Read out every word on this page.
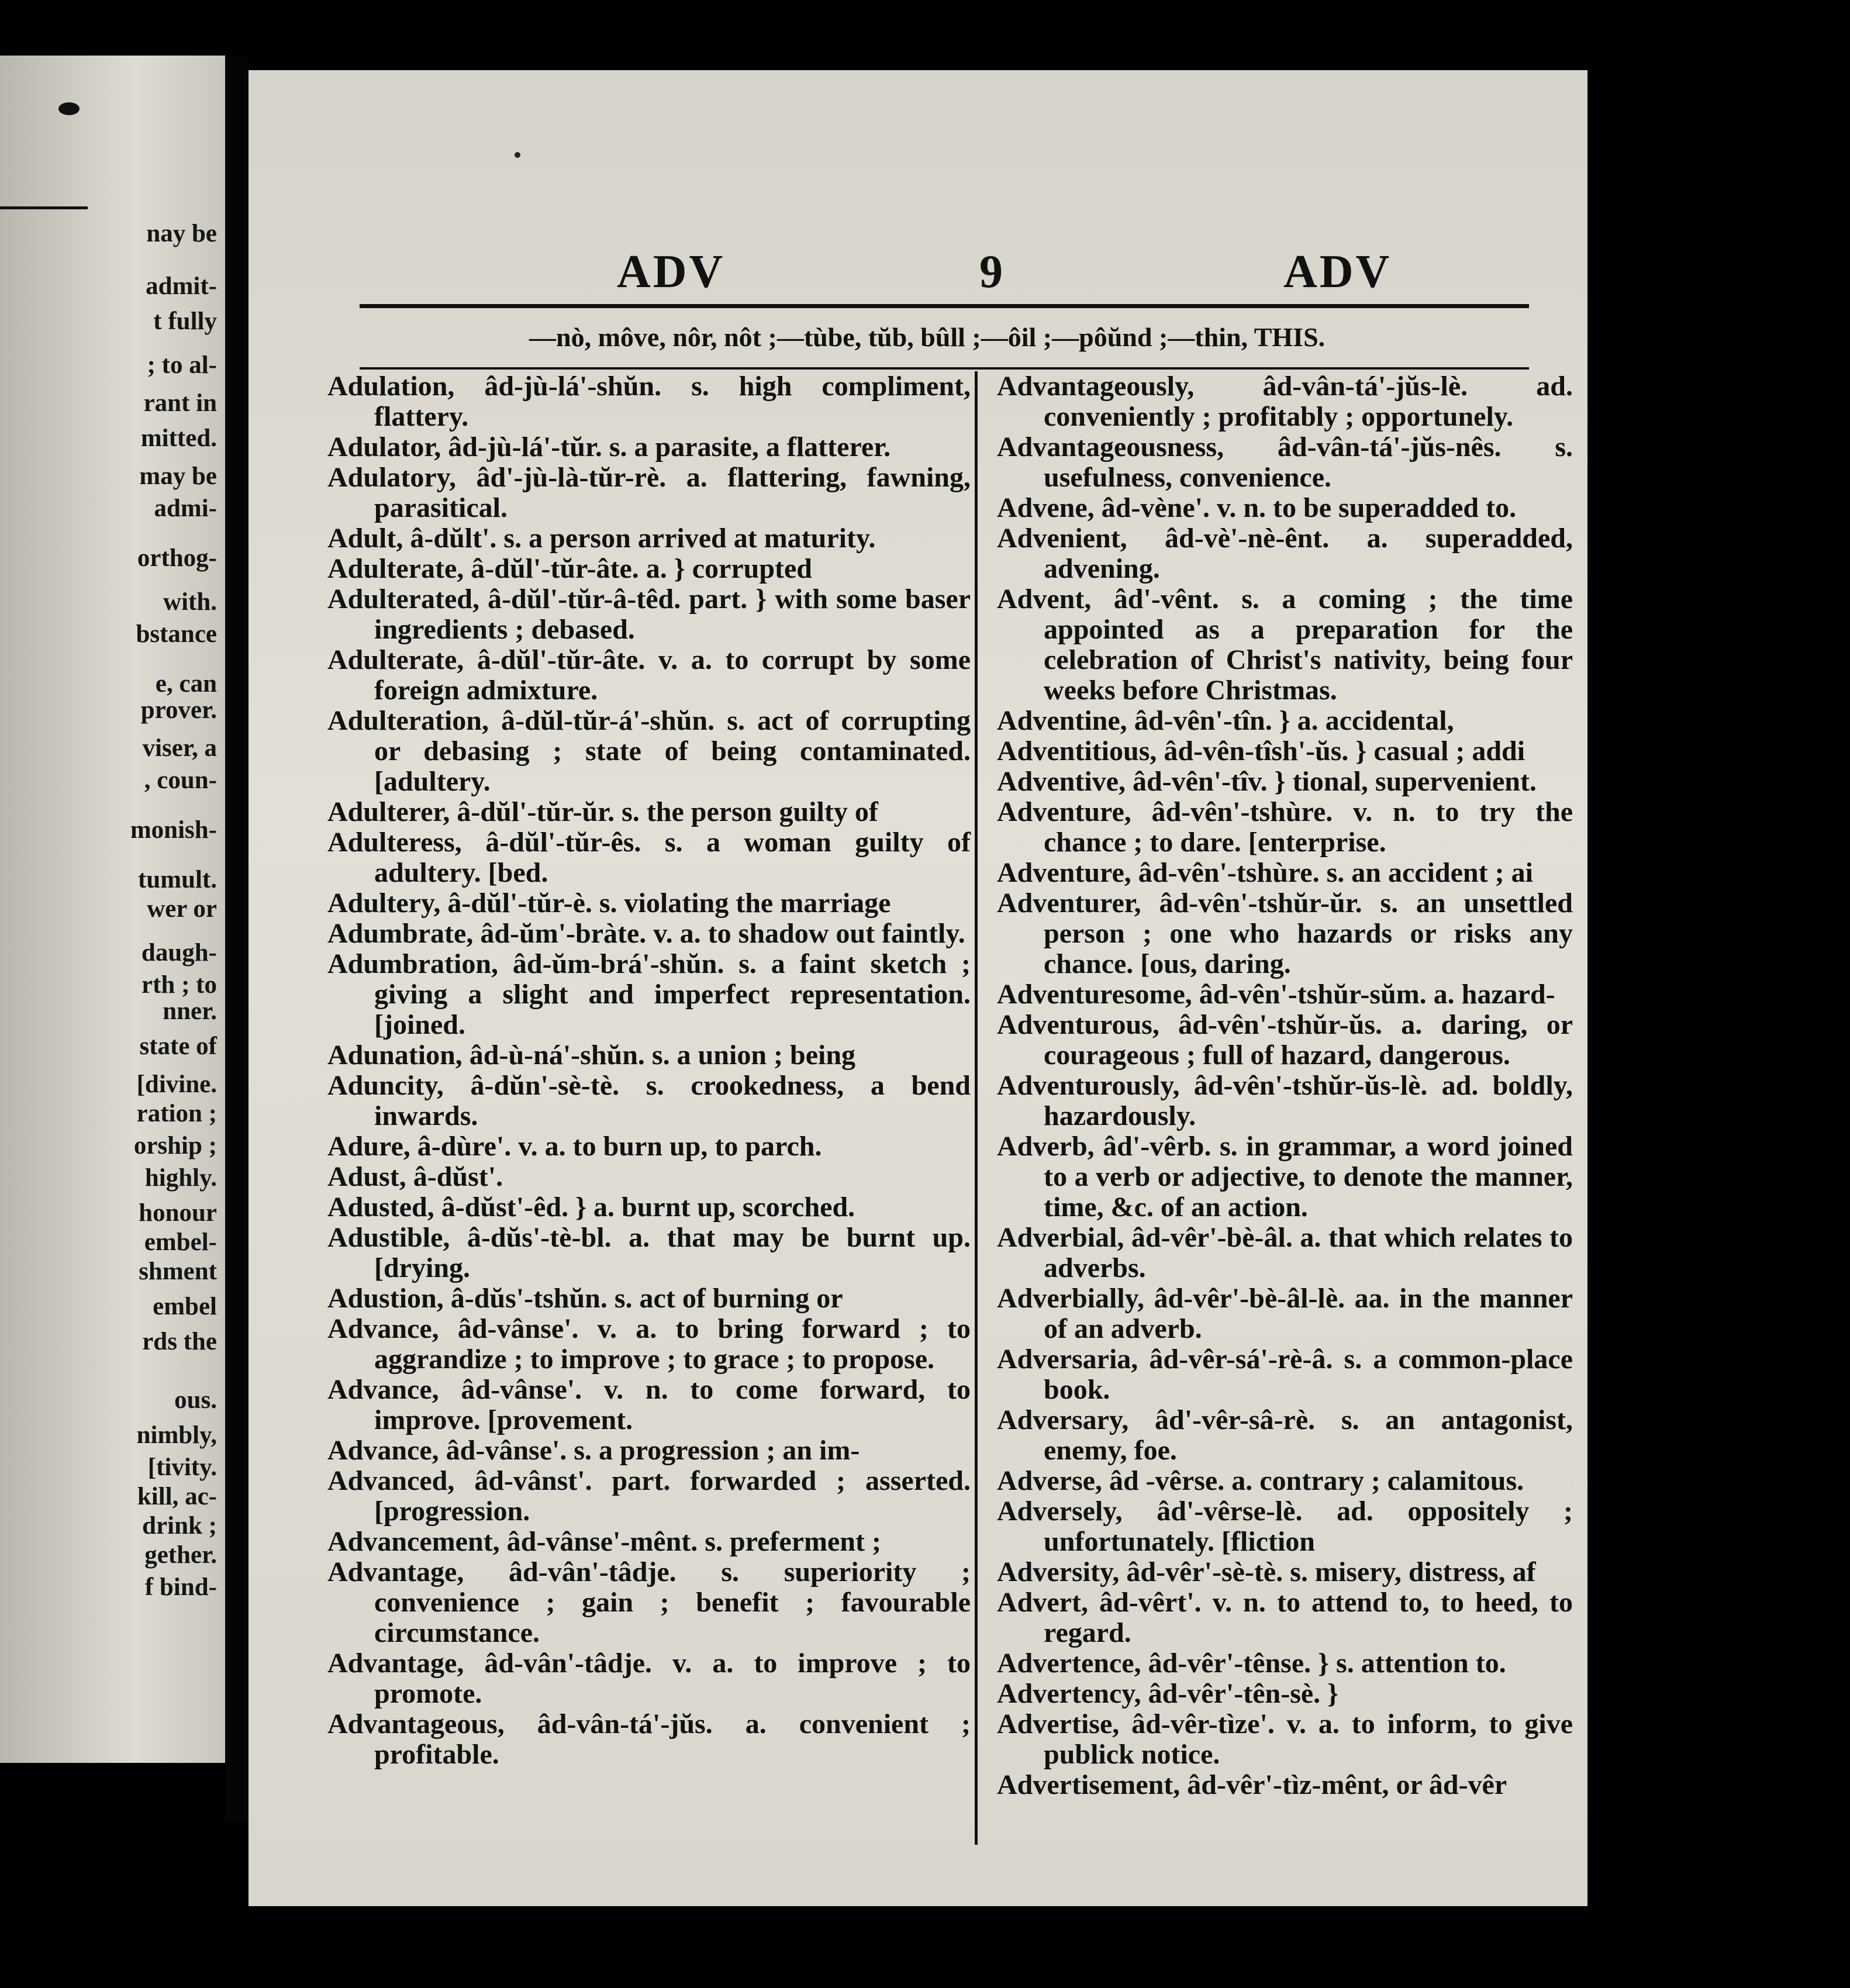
nay be
admit-
t fully
; to al-
rant in
mitted.
may be
admi-
orthog-
with.
bstance
e, can
prover.
viser, a
, coun-
monish-
tumult.
wer or
daugh-
rth ; to
nner.
state of
[divine.
ration ;
orship ;
highly.
honour
embel-
shment
embel
rds the
ous.
nimbly,
[tivity.
kill, ac-
drink ;
gether.
f bind-
ADV	9	ADV
—nò, môve, nôr, nôt ;—tùbe, tŭb, bûll ;—ôil ;—pôŭnd ;—thin, THIS.

Adulation, âd-jù-lá'-shŭn. s. high compliment, flattery.

Adulator, âd-jù-lá'-tŭr. s. a parasite, a flatterer.

Adulatory, âd'-jù-là-tŭr-rè. a. flattering, fawning, parasitical.

Adult, â-dŭlt'. s. a person arrived at maturity.

Adulterate, â-dŭl'-tŭr-âte. a. } corrupted

Adulterated, â-dŭl'-tŭr-â-têd. part. } with some baser ingredients ; debased.

Adulterate, â-dŭl'-tŭr-âte. v. a. to corrupt by some foreign admixture.

Adulteration, â-dŭl-tŭr-á'-shŭn. s. act of corrupting or debasing ; state of being contaminated. [adultery.

Adulterer, â-dŭl'-tŭr-ŭr. s. the person guilty of

Adulteress, â-dŭl'-tŭr-ês. s. a woman guilty of adultery. [bed.

Adultery, â-dŭl'-tŭr-è. s. violating the marriage

Adumbrate, âd-ŭm'-bràte. v. a. to shadow out faintly.

Adumbration, âd-ŭm-brá'-shŭn. s. a faint sketch ; giving a slight and imperfect representation. [joined.

Adunation, âd-ù-ná'-shŭn. s. a union ; being

Aduncity, â-dŭn'-sè-tè. s. crookedness, a bend inwards.

Adure, â-dùre'. v. a. to burn up, to parch.

Adust, â-dŭst'.

Adusted, â-dŭst'-êd. } a. burnt up, scorched.

Adustible, â-dŭs'-tè-bl. a. that may be burnt up. [drying.

Adustion, â-dŭs'-tshŭn. s. act of burning or

Advance, âd-vânse'. v. a. to bring forward ; to aggrandize ; to improve ; to grace ; to propose.

Advance, âd-vânse'. v. n. to come forward, to improve. [provement.

Advance, âd-vânse'. s. a progression ; an im-

Advanced, âd-vânst'. part. forwarded ; asserted. [progression.

Advancement, âd-vânse'-mênt. s. preferment ;

Advantage, âd-vân'-tâdje. s. superiority ; convenience ; gain ; benefit ; favourable circumstance.

Advantage, âd-vân'-tâdje. v. a. to improve ; to promote.

Advantageous, âd-vân-tá'-jŭs. a. convenient ; profitable.

Advantageously, âd-vân-tá'-jŭs-lè. ad. conveniently ; profitably ; opportunely.

Advantageousness, âd-vân-tá'-jŭs-nês. s. usefulness, convenience.

Advene, âd-vène'. v. n. to be superadded to.

Advenient, âd-vè'-nè-ênt. a. superadded, advening.

Advent, âd'-vênt. s. a coming ; the time appointed as a preparation for the celebration of Christ's nativity, being four weeks before Christmas.

Adventine, âd-vên'-tîn. } a. accidental,

Adventitious, âd-vên-tîsh'-ŭs. } casual ; addi

Adventive, âd-vên'-tîv. } tional, supervenient.

Adventure, âd-vên'-tshùre. v. n. to try the chance ; to dare. [enterprise.

Adventure, âd-vên'-tshùre. s. an accident ; ai

Adventurer, âd-vên'-tshŭr-ŭr. s. an unsettled person ; one who hazards or risks any chance. [ous, daring.

Adventuresome, âd-vên'-tshŭr-sŭm. a. hazard-

Adventurous, âd-vên'-tshŭr-ŭs. a. daring, or courageous ; full of hazard, dangerous.

Adventurously, âd-vên'-tshŭr-ŭs-lè. ad. boldly, hazardously.

Adverb, âd'-vêrb. s. in grammar, a word joined to a verb or adjective, to denote the manner, time, &c. of an action.

Adverbial, âd-vêr'-bè-âl. a. that which relates to adverbs.

Adverbially, âd-vêr'-bè-âl-lè. aa. in the manner of an adverb.

Adversaria, âd-vêr-sá'-rè-â. s. a common-place book.

Adversary, âd'-vêr-sâ-rè. s. an antagonist, enemy, foe.

Adverse, âd -vêrse. a. contrary ; calamitous.

Adversely, âd'-vêrse-lè. ad. oppositely ; unfortunately. [fliction

Adversity, âd-vêr'-sè-tè. s. misery, distress, af

Advert, âd-vêrt'. v. n. to attend to, to heed, to regard.

Advertence, âd-vêr'-tênse. } s. attention to.

Advertency, âd-vêr'-tên-sè. }

Advertise, âd-vêr-tìze'. v. a. to inform, to give publick notice.

Advertisement, âd-vêr'-tìz-mênt, or âd-vêr
